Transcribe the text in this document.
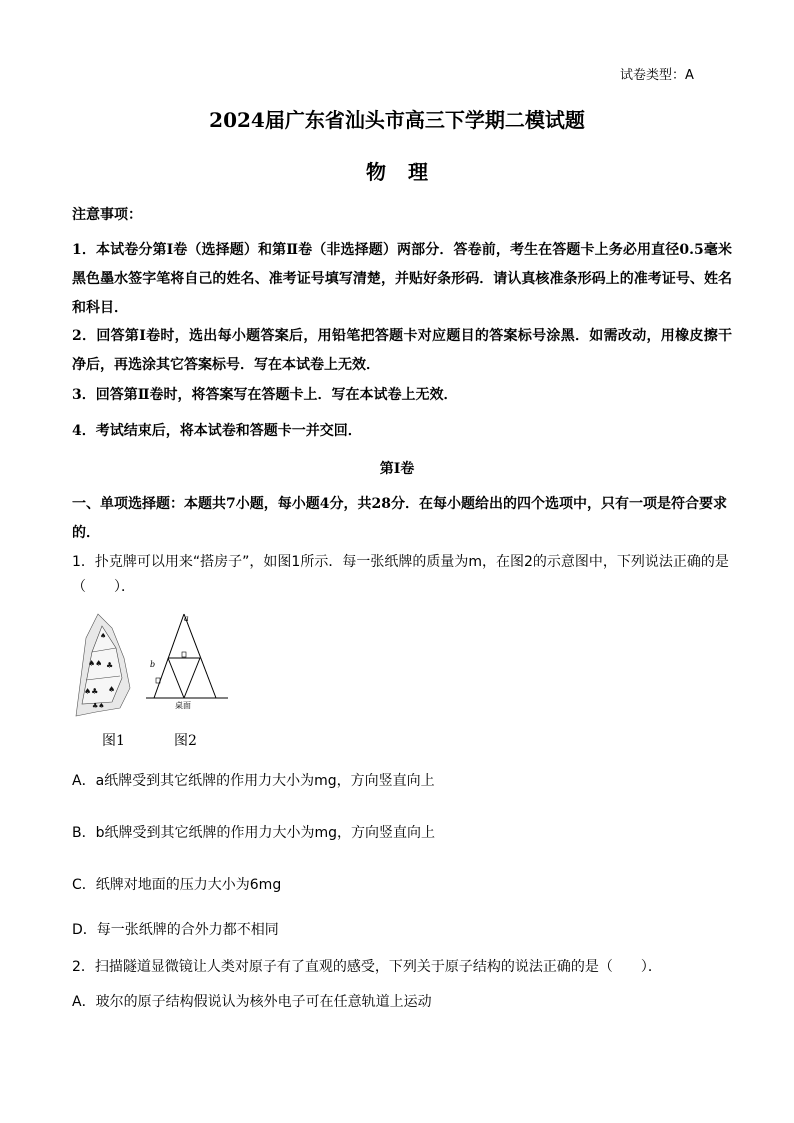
试卷类型：A
2024届广东省汕头市高三下学期二模试题
物理
注意事项：
1．本试卷分第Ⅰ卷（选择题）和第Ⅱ卷（非选择题）两部分．答卷前，考生在答题卡上务必用直径0.5毫米黑色墨水签字笔将自己的姓名、准考证号填写清楚，并贴好条形码．请认真核准条形码上的准考证号、姓名和科目．
2．回答第Ⅰ卷时，选出每小题答案后，用铅笔把答题卡对应题目的答案标号涂黑．如需改动，用橡皮擦干净后，再选涂其它答案标号．写在本试卷上无效．
3．回答第Ⅱ卷时，将答案写在答题卡上．写在本试卷上无效．
4．考试结束后，将本试卷和答题卡一并交回．
第Ⅰ卷
一、单项选择题：本题共7小题，每小题4分，共28分．在每小题给出的四个选项中，只有一项是符合要求的．
1．扑克牌可以用来“搭房子”，如图1所示．每一张纸牌的质量为m，在图2的示意图中，下列说法正确的是（　　）．
♠♠
♠
♣
♠♣ ♠
♣♠
a
b
桌面
图1	图2
A．a纸牌受到其它纸牌的作用力大小为mg，方向竖直向上
B．b纸牌受到其它纸牌的作用力大小为mg，方向竖直向上
C．纸牌对地面的压力大小为6mg
D．每一张纸牌的合外力都不相同
2．扫描隧道显微镜让人类对原子有了直观的感受，下列关于原子结构的说法正确的是（　　）．
A．玻尔的原子结构假说认为核外电子可在任意轨道上运动
